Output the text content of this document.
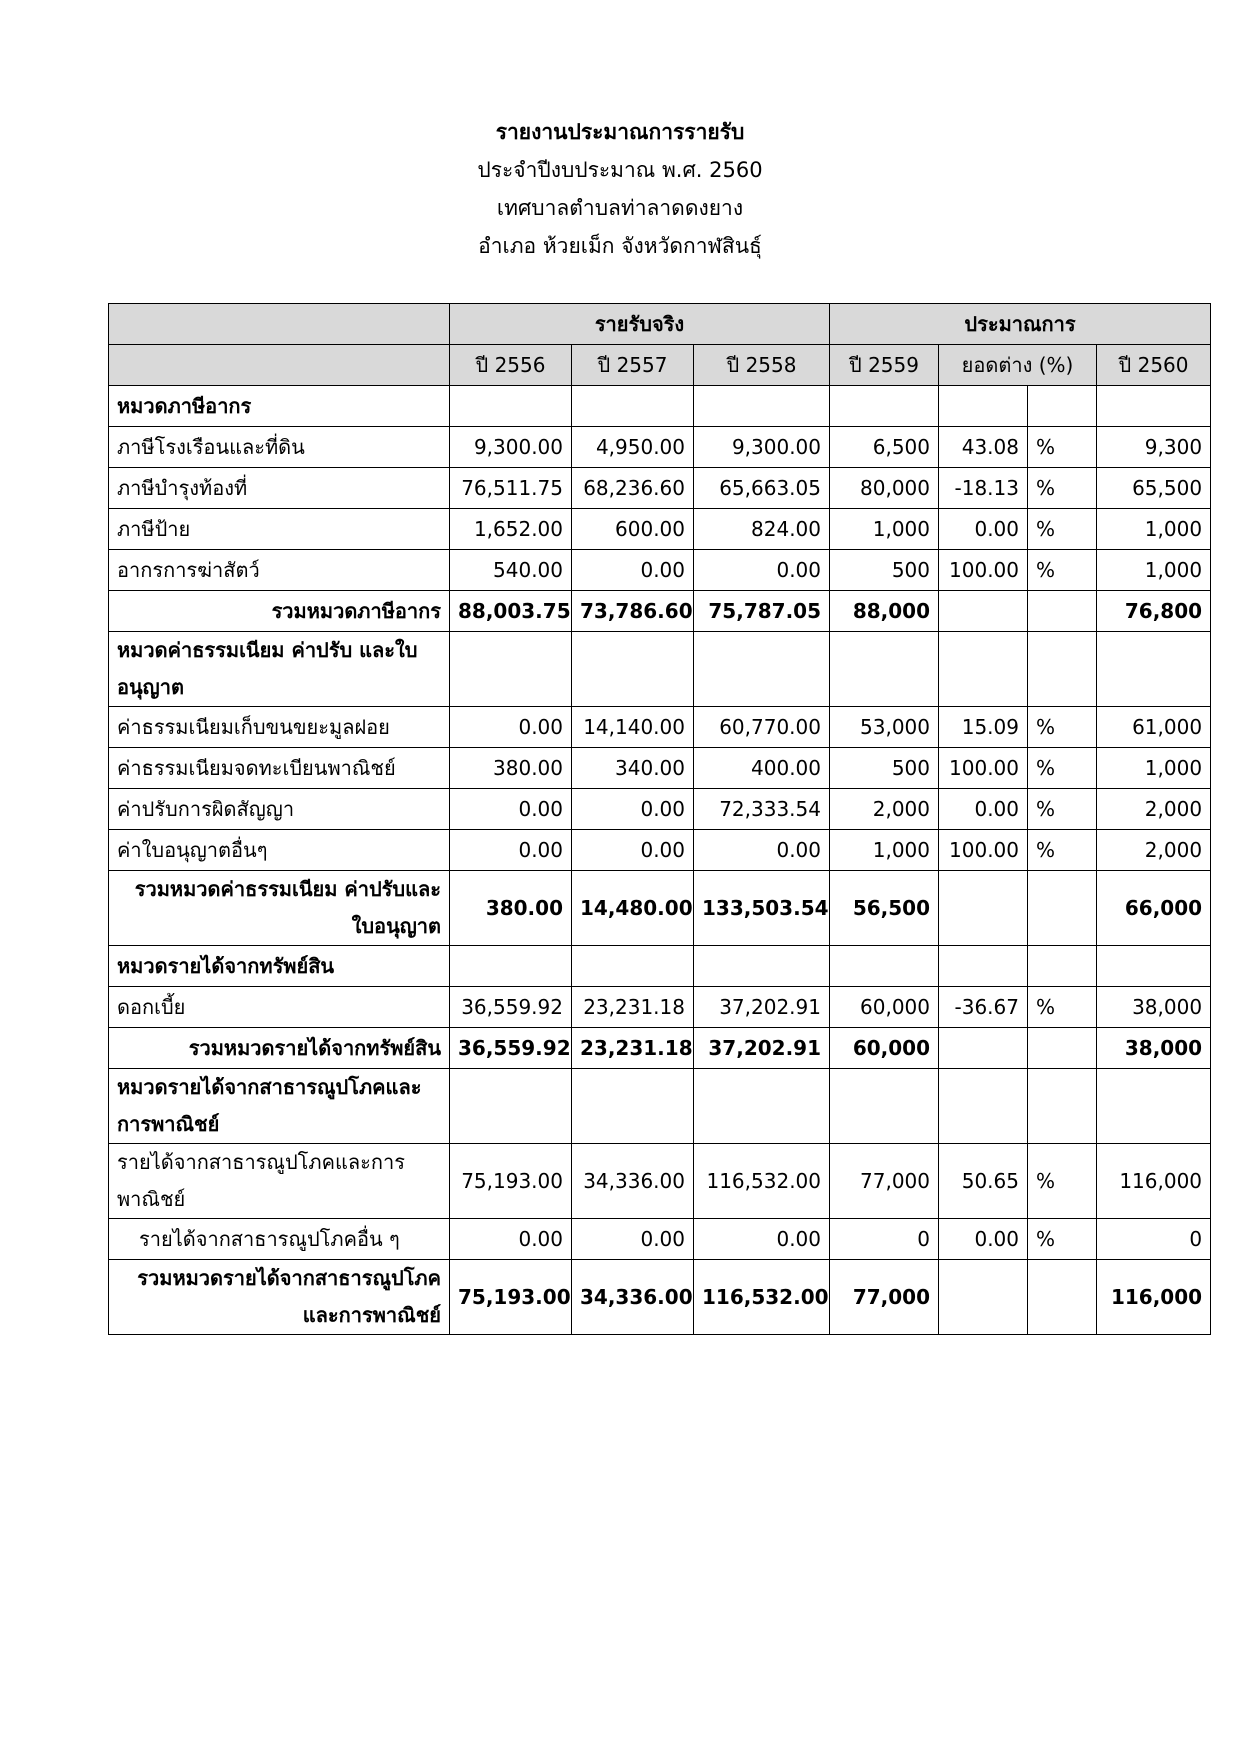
รายงานประมาณการรายรับ
ประจำปีงบประมาณ พ.ศ. 2560
เทศบาลตำบลท่าลาดดงยาง
อำเภอ ห้วยเม็ก จังหวัดกาฬสินธุ์
	รายรับจริง			ประมาณการ			
	ปี 2556	ปี 2557	ปี 2558	ปี 2559	ยอดต่าง (%)		ปี 2560
หมวดภาษีอากร							
ภาษีโรงเรือนและที่ดิน	9,300.00	4,950.00	9,300.00	6,500	43.08	%	9,300
ภาษีบำรุงท้องที่	76,511.75	68,236.60	65,663.05	80,000	-18.13	%	65,500
ภาษีป้าย	1,652.00	600.00	824.00	1,000	0.00	%	1,000
อากรการฆ่าสัตว์	540.00	0.00	0.00	500	100.00	%	1,000
รวมหมวดภาษีอากร	88,003.75	73,786.60	75,787.05	88,000			76,800
หมวดค่าธรรมเนียม ค่าปรับ และใบอนุญาต							
ค่าธรรมเนียมเก็บขนขยะมูลฝอย	0.00	14,140.00	60,770.00	53,000	15.09	%	61,000
ค่าธรรมเนียมจดทะเบียนพาณิชย์	380.00	340.00	400.00	500	100.00	%	1,000
ค่าปรับการผิดสัญญา	0.00	0.00	72,333.54	2,000	0.00	%	2,000
ค่าใบอนุญาตอื่นๆ	0.00	0.00	0.00	1,000	100.00	%	2,000
รวมหมวดค่าธรรมเนียม ค่าปรับและใบอนุญาต	380.00	14,480.00	133,503.54	56,500			66,000
หมวดรายได้จากทรัพย์สิน							
ดอกเบี้ย	36,559.92	23,231.18	37,202.91	60,000	-36.67	%	38,000
รวมหมวดรายได้จากทรัพย์สิน	36,559.92	23,231.18	37,202.91	60,000			38,000
หมวดรายได้จากสาธารณูปโภคและการพาณิชย์							
รายได้จากสาธารณูปโภคและการพาณิชย์	75,193.00	34,336.00	116,532.00	77,000	50.65	%	116,000
รายได้จากสาธารณูปโภคอื่น ๆ	0.00	0.00	0.00	0	0.00	%	0
รวมหมวดรายได้จากสาธารณูปโภคและการพาณิชย์	75,193.00	34,336.00	116,532.00	77,000			116,000
